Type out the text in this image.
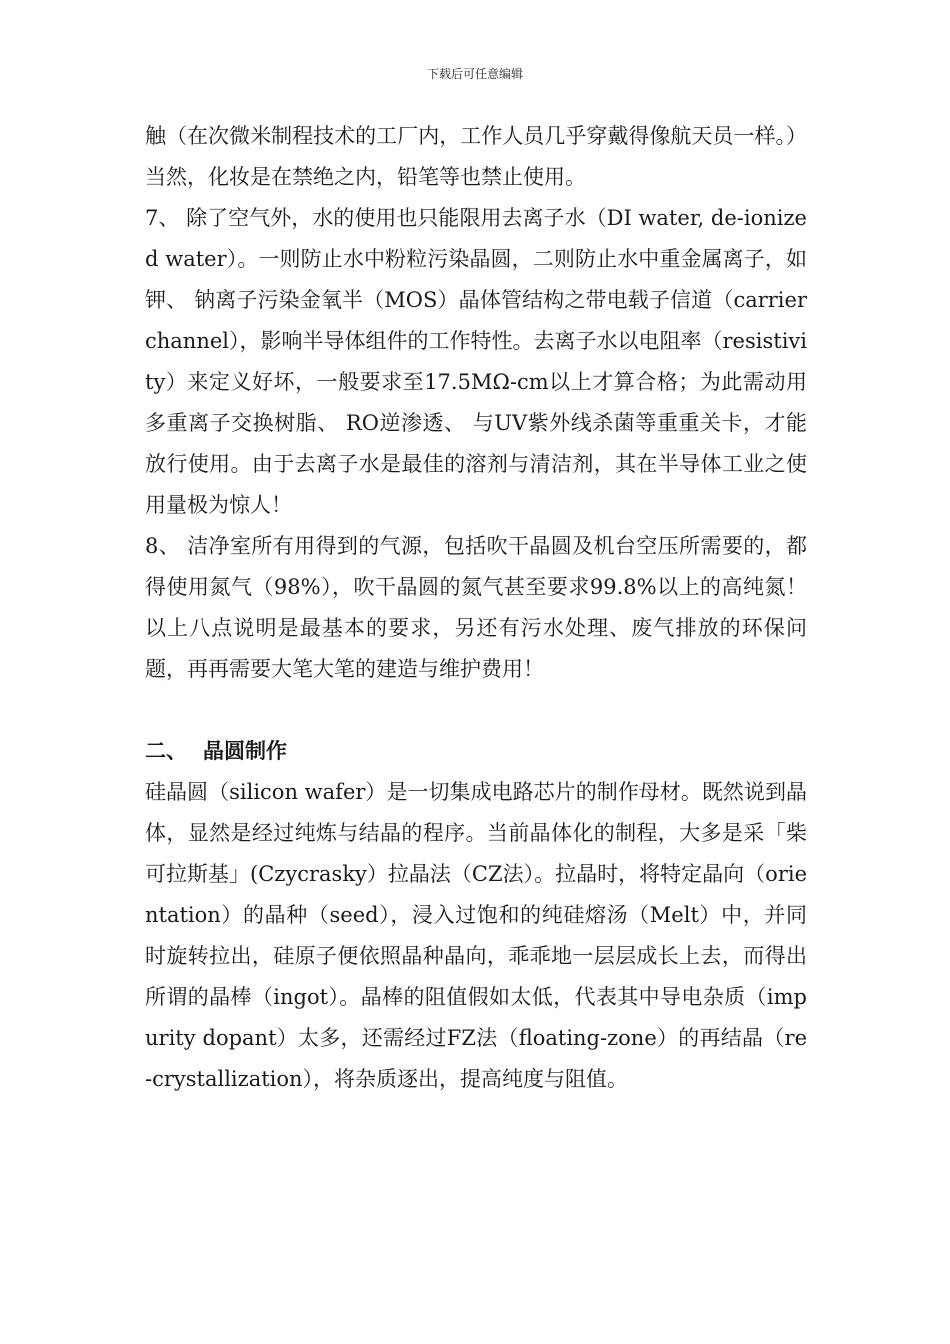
下载后可任意编辑

触（在次微米制程技术的工厂内，工作人员几乎穿戴得像航天员一样。）当然，化妆是在禁绝之内，铅笔等也禁止使用。

7、 除了空气外，水的使用也只能限用去离子水（DI water, de-ionized water）。一则防止水中粉粒污染晶圆，二则防止水中重金属离子，如钾、 钠离子污染金氧半（MOS）晶体管结构之带电载子信道（carrier channel），影响半导体组件的工作特性。去离子水以电阻率（resistivity）来定义好坏，一般要求至17.5MΩ-cm以上才算合格；为此需动用多重离子交换树脂、 RO逆渗透、 与UV紫外线杀菌等重重关卡，才能放行使用。由于去离子水是最佳的溶剂与清洁剂，其在半导体工业之使用量极为惊人！

8、 洁净室所有用得到的气源，包括吹干晶圆及机台空压所需要的，都得使用氮气（98%），吹干晶圆的氮气甚至要求99.8%以上的高纯氮！ 以上八点说明是最基本的要求，另还有污水处理、废气排放的环保问题，再再需要大笔大笔的建造与维护费用！

二、 晶圆制作

硅晶圆（silicon wafer）是一切集成电路芯片的制作母材。既然说到晶体，显然是经过纯炼与结晶的程序。当前晶体化的制程，大多是采「柴可拉斯基」(Czycrasky）拉晶法（CZ法）。拉晶时，将特定晶向（orientation）的晶种（seed），浸入过饱和的纯硅熔汤（Melt）中，并同时旋转拉出，硅原子便依照晶种晶向，乖乖地一层层成长上去，而得出所谓的晶棒（ingot）。晶棒的阻值假如太低，代表其中导电杂质（impurity dopant）太多，还需经过FZ法（floating-zone）的再结晶（re-crystallization），将杂质逐出，提高纯度与阻值。
